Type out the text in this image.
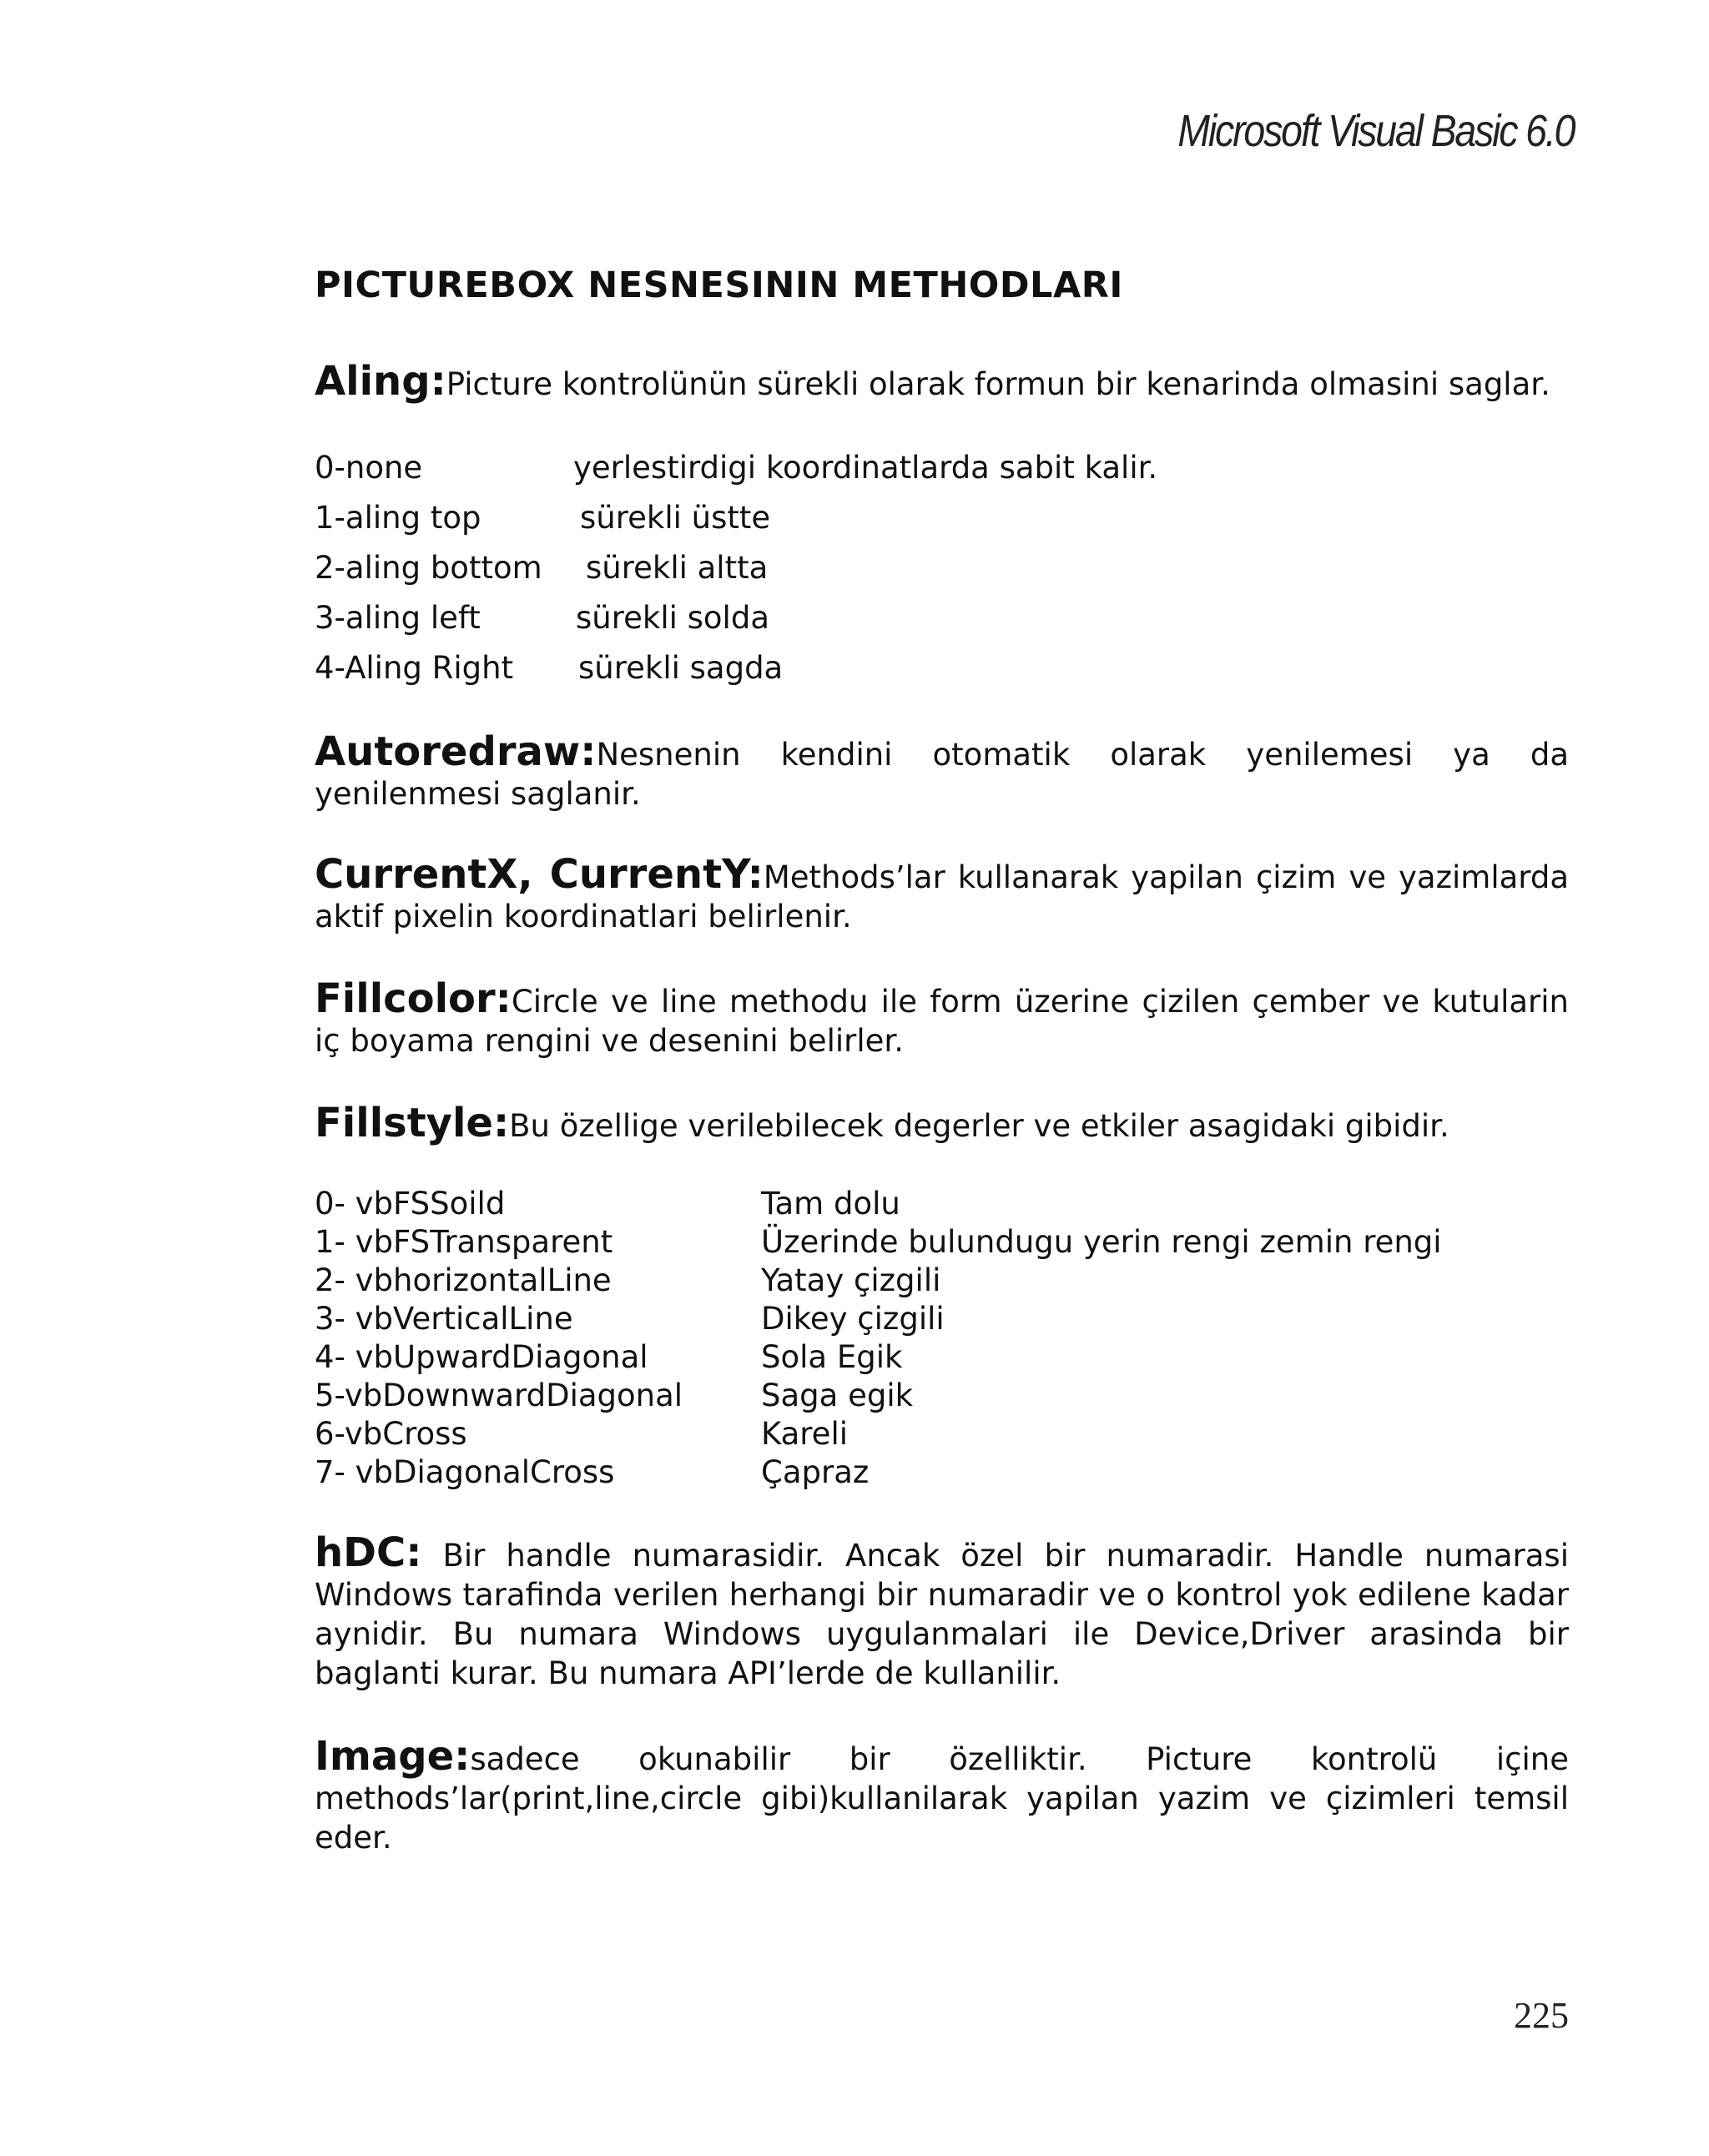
Microsoft Visual Basic 6.0
PICTUREBOX NESNESININ METHODLARI
Aling:Picture kontrolünün sürekli olarak formun bir kenarinda olmasini saglar.
0-none	yerlestirdigi koordinatlarda sabit kalir.
1-aling top	sürekli üstte
2-aling bottom sürekli altta
3-aling left	sürekli solda
4-Aling Right sürekli sagda
Autoredraw:Nesnenin kendini otomatik olarak yenilemesi ya da yenilenmesi saglanir.
CurrentX, CurrentY:Methods’lar kullanarak yapilan çizim ve yazimlarda aktif pixelin koordinatlari belirlenir.
Fillcolor:Circle ve line methodu ile form üzerine çizilen çember ve kutularin iç boyama rengini ve desenini belirler.
Fillstyle:Bu özellige verilebilecek degerler ve etkiler asagidaki gibidir.
0- vbFSSoild	Tam dolu
1- vbFSTransparent	Üzerinde bulundugu yerin rengi zemin rengi
2- vbhorizontalLine	Yatay çizgili
3- vbVerticalLine	Dikey çizgili
4- vbUpwardDiagonal	Sola Egik
5-vbDownwardDiagonal	Saga egik
6-vbCross	Kareli
7- vbDiagonalCross	Çapraz
hDC: Bir handle numarasidir. Ancak özel bir numaradir. Handle numarasi Windows tarafinda verilen herhangi bir numaradir ve o kontrol yok edilene kadar aynidir. Bu numara Windows uygulanmalari ile Device,Driver arasinda bir baglanti kurar. Bu numara API’lerde de kullanilir.
Image:sadece okunabilir bir özelliktir. Picture kontrolü içine methods’lar(print,line,circle gibi)kullanilarak yapilan yazim ve çizimleri temsil eder.
225
